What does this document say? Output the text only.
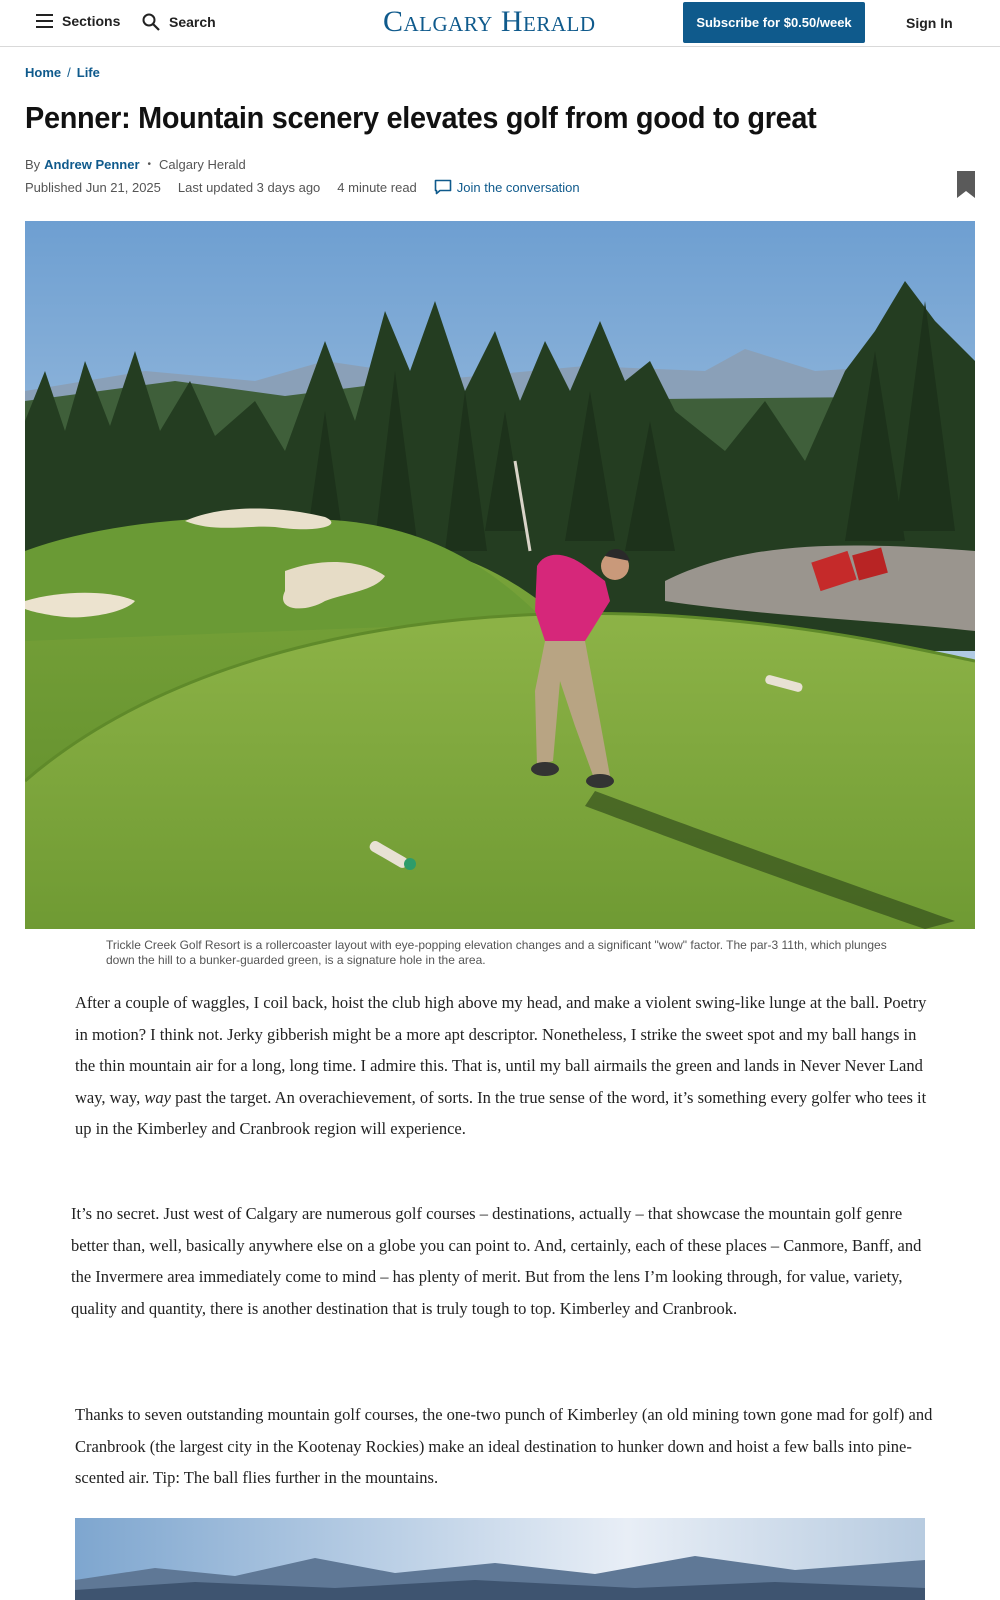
Sections	Search	Calgary Herald	Subscribe for $0.50/week	Sign In
Home / Life
Penner: Mountain scenery elevates golf from good to great
By Andrew Penner • Calgary Herald
Published Jun 21, 2025 Last updated 3 days ago 4 minute read	Join the conversation
Trickle Creek Golf Resort is a rollercoaster layout with eye-popping elevation changes and a significant "wow" factor. The par-3 11th, which plunges down the hill to a bunker-guarded green, is a signature hole in the area.

After a couple of waggles, I coil back, hoist the club high above my head, and make a violent swing-like lunge at the ball. Poetry in motion? I think not. Jerky gibberish might be a more apt descriptor. Nonetheless, I strike the sweet spot and my ball hangs in the thin mountain air for a long, long time. I admire this. That is, until my ball airmails the green and lands in Never Never Land way, way, way past the target. An overachievement, of sorts. In the true sense of the word, it’s something every golfer who tees it up in the Kimberley and Cranbrook region will experience.

It’s no secret. Just west of Calgary are numerous golf courses – destinations, actually – that showcase the mountain golf genre better than, well, basically anywhere else on a globe you can point to. And, certainly, each of these places – Canmore, Banff, and the Invermere area immediately come to mind – has plenty of merit. But from the lens I’m looking through, for value, variety, quality and quantity, there is another destination that is truly tough to top. Kimberley and Cranbrook.

Thanks to seven outstanding mountain golf courses, the one-two punch of Kimberley (an old mining town gone mad for golf) and Cranbrook (the largest city in the Kootenay Rockies) make an ideal destination to hunker down and hoist a few balls into pine-scented air. Tip: The ball flies further in the mountains.
